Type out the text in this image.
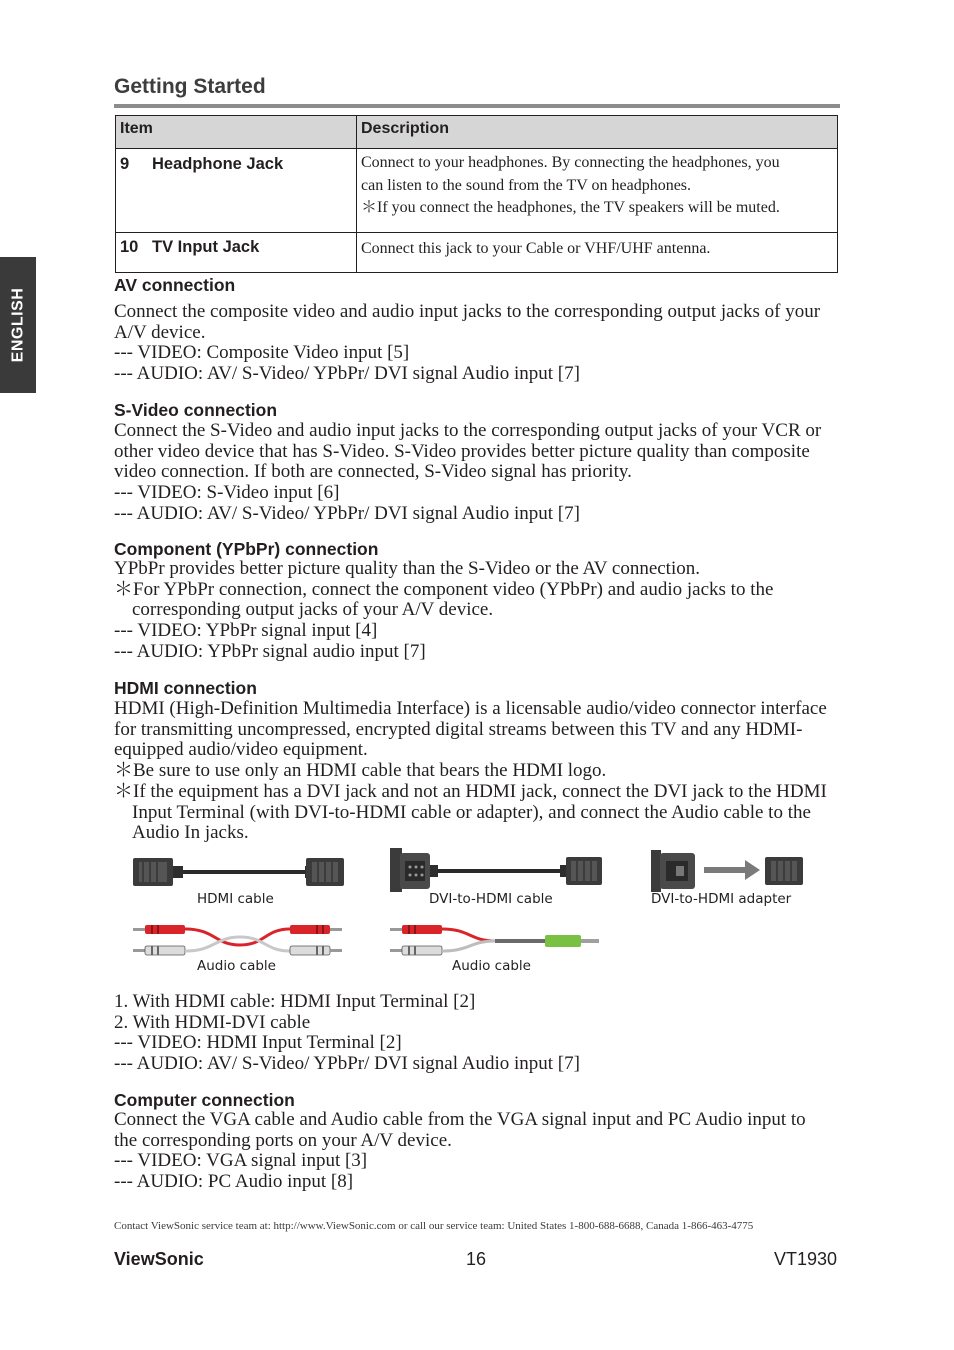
ENGLISH
Getting Started
Item	Description
9 Headphone Jack	Connect to your headphones. By connecting the headphones, you
can listen to the sound from the TV on headphones.
＊If you connect the headphones, the TV speakers will be muted.

10 TV Input Jack	Connect this jack to your Cable or VHF/UHF antenna.
AV connection
Connect the composite video and audio input jacks to the corresponding output jacks of your
A/V device.
--- VIDEO: Composite Video input [5]
--- AUDIO: AV/ S-Video/ YPbPr/ DVI signal Audio input [7]
S-Video connection
Connect the S-Video and audio input jacks to the corresponding output jacks of your VCR or
other video device that has S-Video. S-Video provides better picture quality than composite
video connection. If both are connected, S-Video signal has priority.
--- VIDEO: S-Video input [6]
--- AUDIO: AV/ S-Video/ YPbPr/ DVI signal Audio input [7]
Component (YPbPr) connection
YPbPr provides better picture quality than the S-Video or the AV connection.
＊For YPbPr connection, connect the component video (YPbPr) and audio jacks to the
corresponding output jacks of your A/V device.
--- VIDEO: YPbPr signal input [4]
--- AUDIO: YPbPr signal audio input [7]
HDMI connection
HDMI (High-Definition Multimedia Interface) is a licensable audio/video connector interface
for transmitting uncompressed, encrypted digital streams between this TV and any HDMI-
equipped audio/video equipment.
＊Be sure to use only an HDMI cable that bears the HDMI logo.
＊If the equipment has a DVI jack and not an HDMI jack, connect the DVI jack to the HDMI
Input Terminal (with DVI-to-HDMI cable or adapter), and connect the Audio cable to the
Audio In jacks.
HDMI cable	DVI-to-HDMI cable	DVI-to-HDMI adapter
Audio cable	Audio cable
1. With HDMI cable: HDMI Input Terminal [2]
2. With HDMI-DVI cable
--- VIDEO: HDMI Input Terminal [2]
--- AUDIO: AV/ S-Video/ YPbPr/ DVI signal Audio input [7]
Computer connection
Connect the VGA cable and Audio cable from the VGA signal input and PC Audio input to
the corresponding ports on your A/V device.
--- VIDEO: VGA signal input [3]
--- AUDIO: PC Audio input [8]
Contact ViewSonic service team at: http://www.ViewSonic.com or call our service team: United States 1-800-688-6688, Canada 1-866-463-4775
ViewSonic	16	VT1930
